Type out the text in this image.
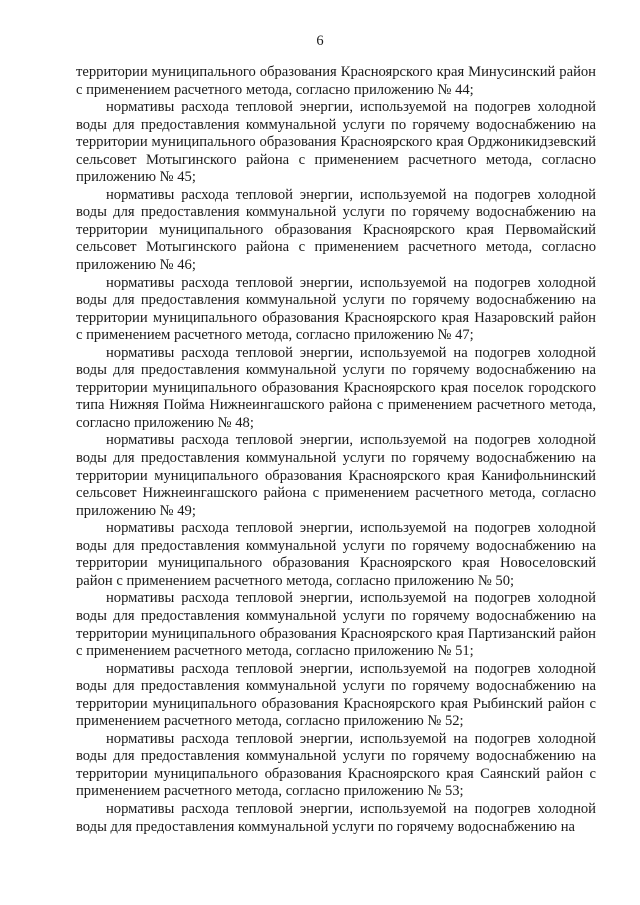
6

территории муниципального образования Красноярского края Минусинский район с применением расчетного метода, согласно приложению № 44;

нормативы расхода тепловой энергии, используемой на подогрев холодной воды для предоставления коммунальной услуги по горячему водоснабжению на территории муниципального образования Красноярского края Орджоникидзевский сельсовет Мотыгинского района с применением расчетного метода, согласно приложению № 45;

нормативы расхода тепловой энергии, используемой на подогрев холодной воды для предоставления коммунальной услуги по горячему водоснабжению на территории муниципального образования Красноярского края Первомайский сельсовет Мотыгинского района с применением расчетного метода, согласно приложению № 46;

нормативы расхода тепловой энергии, используемой на подогрев холодной воды для предоставления коммунальной услуги по горячему водоснабжению на территории муниципального образования Красноярского края Назаровский район с применением расчетного метода, согласно приложению № 47;

нормативы расхода тепловой энергии, используемой на подогрев холодной воды для предоставления коммунальной услуги по горячему водоснабжению на территории муниципального образования Красноярского края поселок городского типа Нижняя Пойма Нижнеингашского района с применением расчетного метода, согласно приложению № 48;

нормативы расхода тепловой энергии, используемой на подогрев холодной воды для предоставления коммунальной услуги по горячему водоснабжению на территории муниципального образования Красноярского края Канифольнинский сельсовет Нижнеингашского района с применением расчетного метода, согласно приложению № 49;

нормативы расхода тепловой энергии, используемой на подогрев холодной воды для предоставления коммунальной услуги по горячему водоснабжению на территории муниципального образования Красноярского края Новоселовский район с применением расчетного метода, согласно приложению № 50;

нормативы расхода тепловой энергии, используемой на подогрев холодной воды для предоставления коммунальной услуги по горячему водоснабжению на территории муниципального образования Красноярского края Партизанский район с применением расчетного метода, согласно приложению № 51;

нормативы расхода тепловой энергии, используемой на подогрев холодной воды для предоставления коммунальной услуги по горячему водоснабжению на территории муниципального образования Красноярского края Рыбинский район с применением расчетного метода, согласно приложению № 52;

нормативы расхода тепловой энергии, используемой на подогрев холодной воды для предоставления коммунальной услуги по горячему водоснабжению на территории муниципального образования Красноярского края Саянский район с применением расчетного метода, согласно приложению № 53;

нормативы расхода тепловой энергии, используемой на подогрев холодной воды для предоставления коммунальной услуги по горячему водоснабжению на
